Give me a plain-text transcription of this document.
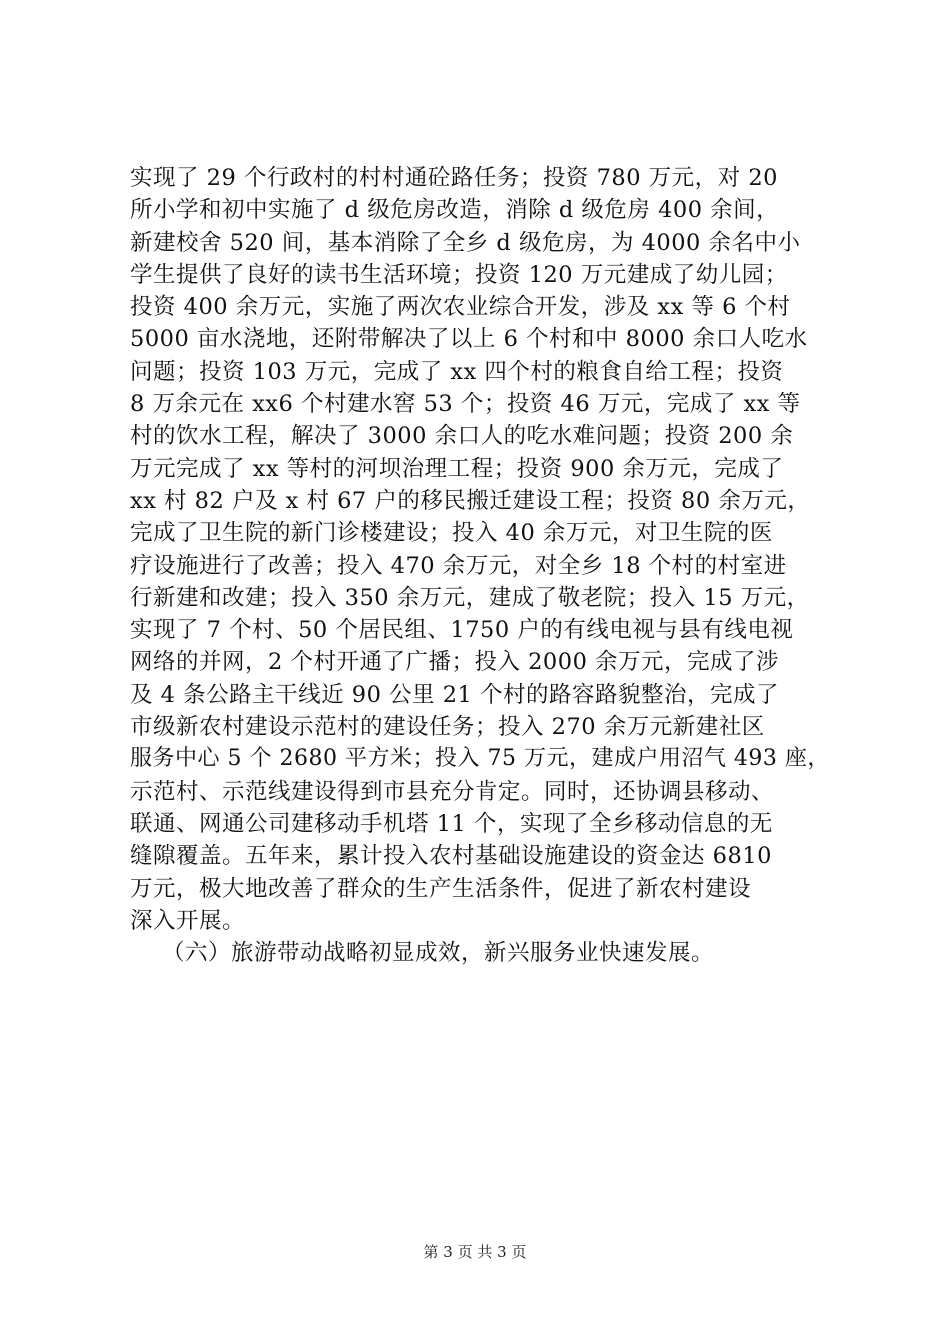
实现了 29 个行政村的村村通砼路任务；投资 780 万元，对 20
所小学和初中实施了 d 级危房改造，消除 d 级危房 400 余间，
新建校舍 520 间，基本消除了全乡 d 级危房，为 4000 余名中小
学生提供了良好的读书生活环境；投资 120 万元建成了幼儿园；
投资 400 余万元，实施了两次农业综合开发，涉及 xx 等 6 个村
5000 亩水浇地，还附带解决了以上 6 个村和中 8000 余口人吃水
问题；投资 103 万元，完成了 xx 四个村的粮食自给工程；投资
8 万余元在 xx6 个村建水窖 53 个；投资 46 万元，完成了 xx 等
村的饮水工程，解决了 3000 余口人的吃水难问题；投资 200 余
万元完成了 xx 等村的河坝治理工程；投资 900 余万元，完成了
xx 村 82 户及 x 村 67 户的移民搬迁建设工程；投资 80 余万元，
完成了卫生院的新门诊楼建设；投入 40 余万元，对卫生院的医
疗设施进行了改善；投入 470 余万元，对全乡 18 个村的村室进
行新建和改建；投入 350 余万元，建成了敬老院；投入 15 万元，
实现了 7 个村、50 个居民组、1750 户的有线电视与县有线电视
网络的并网，2 个村开通了广播；投入 2000 余万元，完成了涉
及 4 条公路主干线近 90 公里 21 个村的路容路貌整治，完成了
市级新农村建设示范村的建设任务；投入 270 余万元新建社区
服务中心 5 个 2680 平方米；投入 75 万元，建成户用沼气 493 座，
示范村、示范线建设得到市县充分肯定。同时，还协调县移动、
联通、网通公司建移动手机塔 11 个，实现了全乡移动信息的无
缝隙覆盖。五年来，累计投入农村基础设施建设的资金达 6810
万元，极大地改善了群众的生产生活条件，促进了新农村建设
深入开展。
（六）旅游带动战略初显成效，新兴服务业快速发展。
第 3 页 共 3 页
